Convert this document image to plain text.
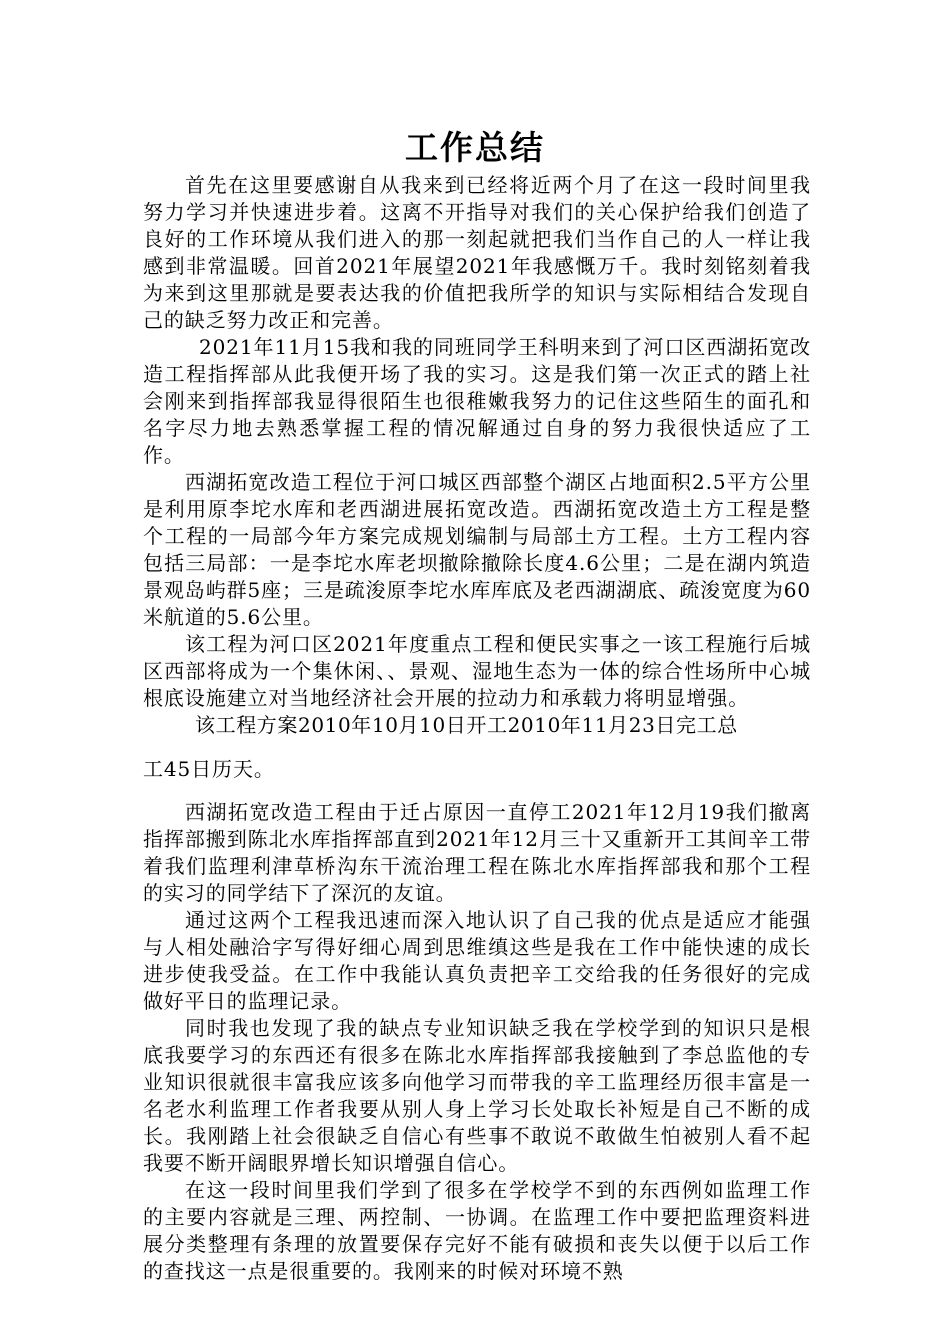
工作总结

首先在这里要感谢自从我来到已经将近两个月了在这一段时间里我努力学习并快速进步着。这离不开指导对我们的关心保护给我们创造了良好的工作环境从我们进入的那一刻起就把我们当作自己的人一样让我感到非常温暖。回首2021年展望2021年我感慨万千。我时刻铭刻着我为来到这里那就是要表达我的价值把我所学的知识与实际相结合发现自己的缺乏努力改正和完善。

2021年11月15我和我的同班同学王科明来到了河口区西湖拓宽改造工程指挥部从此我便开场了我的实习。这是我们第一次正式的踏上社会刚来到指挥部我显得很陌生也很稚嫩我努力的记住这些陌生的面孔和名字尽力地去熟悉掌握工程的情况解通过自身的努力我很快适应了工作。

西湖拓宽改造工程位于河口城区西部整个湖区占地面积2.5平方公里是利用原李坨水库和老西湖进展拓宽改造。西湖拓宽改造土方工程是整个工程的一局部今年方案完成规划编制与局部土方工程。土方工程内容包括三局部：一是李坨水库老坝撤除撤除长度4.6公里；二是在湖内筑造景观岛屿群5座；三是疏浚原李坨水库库底及老西湖湖底、疏浚宽度为60米航道的5.6公里。

该工程为河口区2021年度重点工程和便民实事之一该工程施行后城区西部将成为一个集休闲、、景观、湿地生态为一体的综合性场所中心城根底设施建立对当地经济社会开展的拉动力和承载力将明显增强。

该工程方案2010年10月10日开工2010年11月23日完工总

工45日历天。

西湖拓宽改造工程由于迁占原因一直停工2021年12月19我们撤离指挥部搬到陈北水库指挥部直到2021年12月三十又重新开工其间辛工带着我们监理利津草桥沟东干流治理工程在陈北水库指挥部我和那个工程的实习的同学结下了深沉的友谊。

通过这两个工程我迅速而深入地认识了自己我的优点是适应才能强与人相处融洽字写得好细心周到思维缜这些是我在工作中能快速的成长进步使我受益。在工作中我能认真负责把辛工交给我的任务很好的完成做好平日的监理记录。

同时我也发现了我的缺点专业知识缺乏我在学校学到的知识只是根底我要学习的东西还有很多在陈北水库指挥部我接触到了李总监他的专业知识很就很丰富我应该多向他学习而带我的辛工监理经历很丰富是一名老水利监理工作者我要从别人身上学习长处取长补短是自己不断的成长。我刚踏上社会很缺乏自信心有些事不敢说不敢做生怕被别人看不起我要不断开阔眼界增长知识增强自信心。

在这一段时间里我们学到了很多在学校学不到的东西例如监理工作的主要内容就是三理、两控制、一协调。在监理工作中要把监理资料进展分类整理有条理的放置要保存完好不能有破损和丧失以便于以后工作的查找这一点是很重要的。我刚来的时候对环境不熟
